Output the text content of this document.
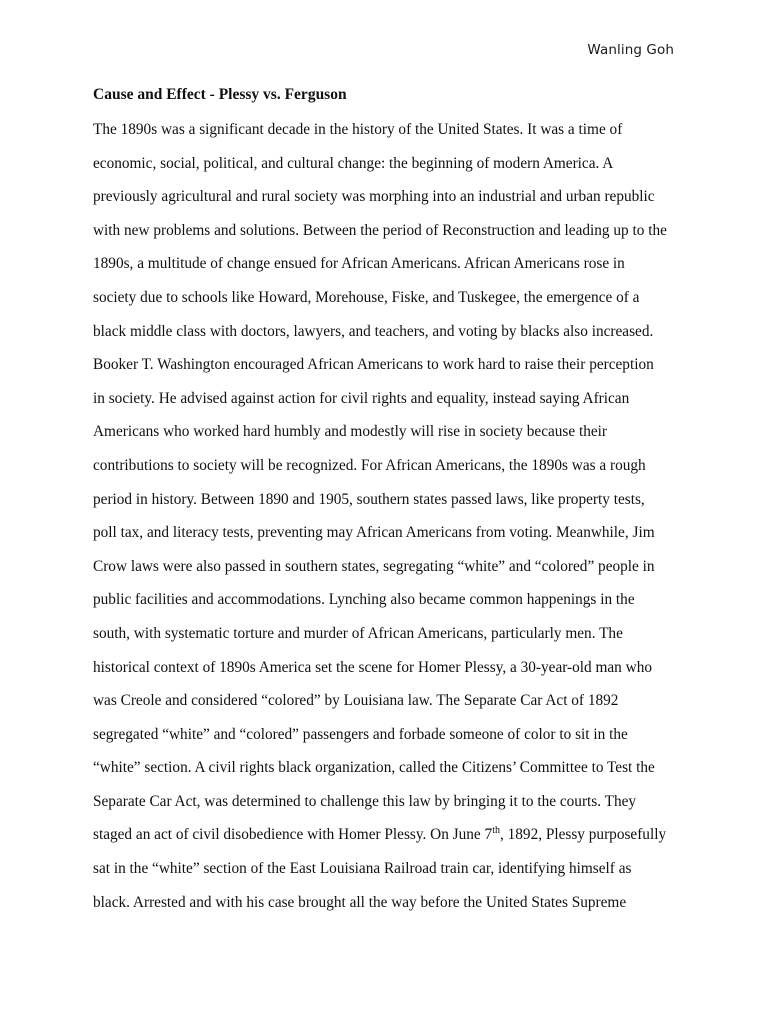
Wanling Goh
Cause and Effect - Plessy vs. Ferguson

The 1890s was a significant decade in the history of the United States. It was a time of
economic, social, political, and cultural change: the beginning of modern America. A
previously agricultural and rural society was morphing into an industrial and urban republic
with new problems and solutions. Between the period of Reconstruction and leading up to the
1890s, a multitude of change ensued for African Americans. African Americans rose in
society due to schools like Howard, Morehouse, Fiske, and Tuskegee, the emergence of a
black middle class with doctors, lawyers, and teachers, and voting by blacks also increased.
Booker T. Washington encouraged African Americans to work hard to raise their perception
in society. He advised against action for civil rights and equality, instead saying African
Americans who worked hard humbly and modestly will rise in society because their
contributions to society will be recognized. For African Americans, the 1890s was a rough
period in history. Between 1890 and 1905, southern states passed laws, like property tests,
poll tax, and literacy tests, preventing may African Americans from voting. Meanwhile, Jim
Crow laws were also passed in southern states, segregating “white” and “colored” people in
public facilities and accommodations. Lynching also became common happenings in the
south, with systematic torture and murder of African Americans, particularly men. The
historical context of 1890s America set the scene for Homer Plessy, a 30-year-old man who
was Creole and considered “colored” by Louisiana law. The Separate Car Act of 1892
segregated “white” and “colored” passengers and forbade someone of color to sit in the
“white” section. A civil rights black organization, called the Citizens’ Committee to Test the
Separate Car Act, was determined to challenge this law by bringing it to the courts. They
staged an act of civil disobedience with Homer Plessy. On June 7th, 1892, Plessy purposefully
sat in the “white” section of the East Louisiana Railroad train car, identifying himself as
black. Arrested and with his case brought all the way before the United States Supreme
